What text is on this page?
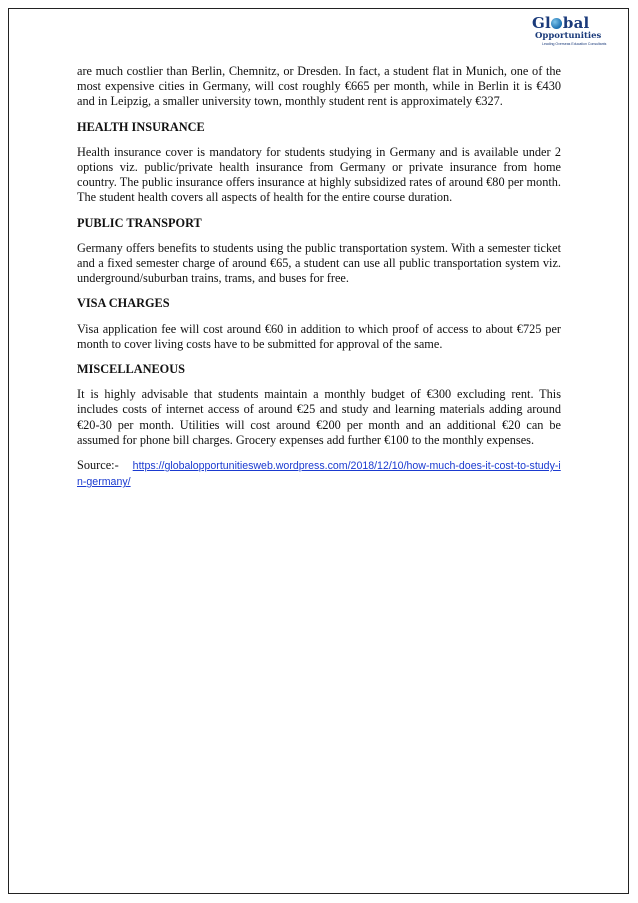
Gl bal
Opportunities
Leading Overseas Education Consultants

are much costlier than Berlin, Chemnitz, or Dresden. In fact, a student flat in Munich, one of the most expensive cities in Germany, will cost roughly €665 per month, while in Berlin it is €430 and in Leipzig, a smaller university town, monthly student rent is approximately €327.

HEALTH INSURANCE

Health insurance cover is mandatory for students studying in Germany and is available under 2 options viz. public/private health insurance from Germany or private insurance from home country. The public insurance offers insurance at highly subsidized rates of around €80 per month. The student health covers all aspects of health for the entire course duration.

PUBLIC TRANSPORT

Germany offers benefits to students using the public transportation system. With a semester ticket and a fixed semester charge of around €65, a student can use all public transportation system viz. underground/suburban trains, trams, and buses for free.

VISA CHARGES

Visa application fee will cost around €60 in addition to which proof of access to about €725 per month to cover living costs have to be submitted for approval of the same.

MISCELLANEOUS

It is highly advisable that students maintain a monthly budget of €300 excluding rent. This includes costs of internet access of around €25 and study and learning materials adding around €20-30 per month. Utilities will cost around €200 per month and an additional €20 can be assumed for phone bill charges. Grocery expenses add further €100 to the monthly expenses.

Source:- https://globalopportunitiesweb.wordpress.com/2018/12/10/how-much-does-it-cost-to-study-in-germany/
